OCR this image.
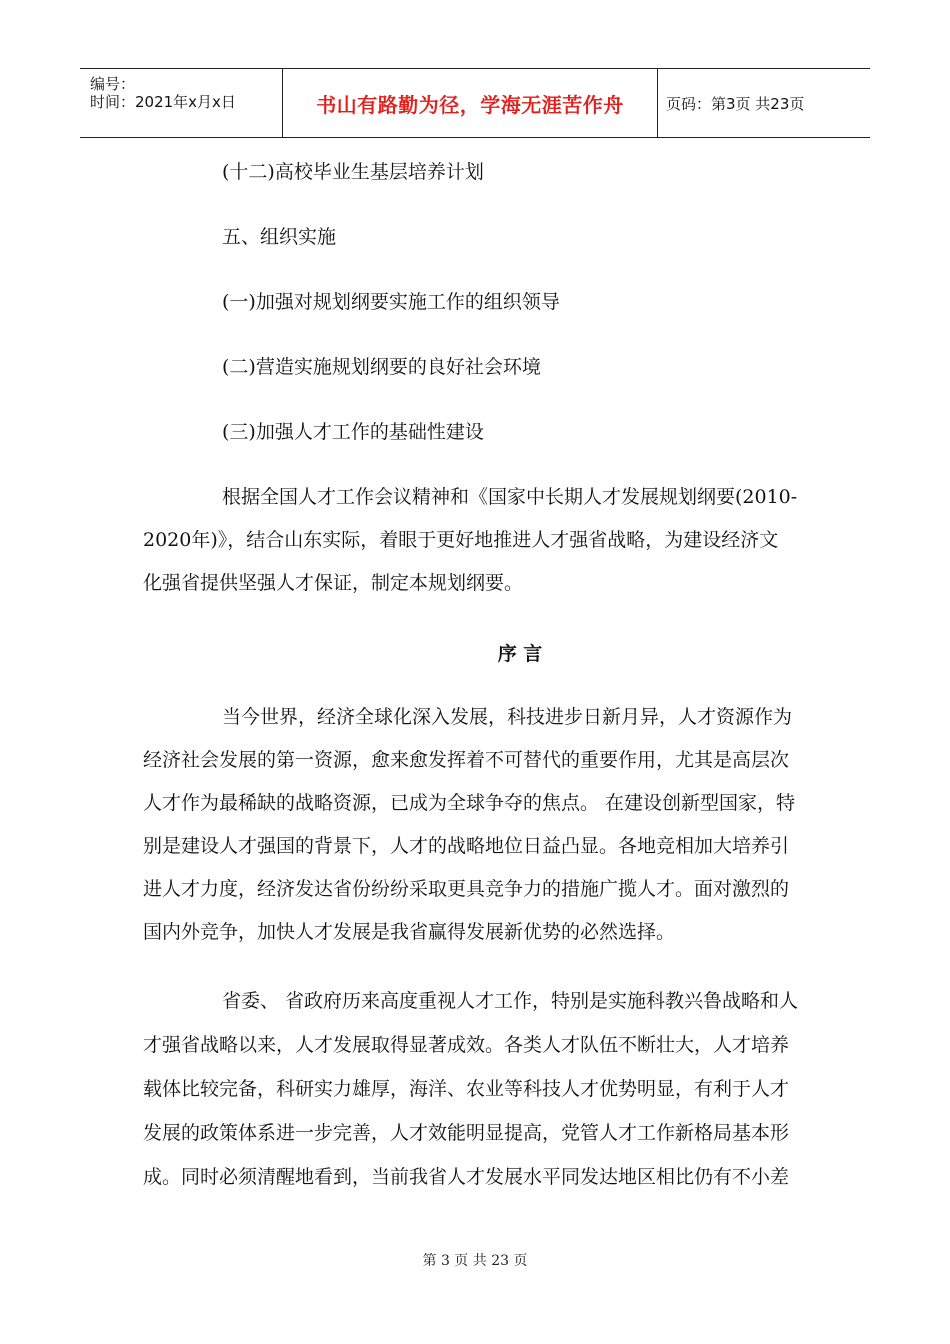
编号：
时间：2021年x月x日	书山有路勤为径，学海无涯苦作舟	页码：第3页 共23页
(十二)高校毕业生基层培养计划
五、组织实施
(一)加强对规划纲要实施工作的组织领导
(二)营造实施规划纲要的良好社会环境
(三)加强人才工作的基础性建设
根据全国人才工作会议精神和《国家中长期人才发展规划纲要(2010-
2020年)》，结合山东实际，着眼于更好地推进人才强省战略，为建设经济文
化强省提供坚强人才保证，制定本规划纲要。
序 言
当今世界，经济全球化深入发展，科技进步日新月异，人才资源作为
经济社会发展的第一资源，愈来愈发挥着不可替代的重要作用，尤其是高层次
人才作为最稀缺的战略资源，已成为全球争夺的焦点。 在建设创新型国家，特
别是建设人才强国的背景下，人才的战略地位日益凸显。各地竞相加大培养引
进人才力度，经济发达省份纷纷采取更具竞争力的措施广揽人才。面对激烈的
国内外竞争，加快人才发展是我省赢得发展新优势的必然选择。
省委、 省政府历来高度重视人才工作，特别是实施科教兴鲁战略和人
才强省战略以来，人才发展取得显著成效。各类人才队伍不断壮大，人才培养
载体比较完备，科研实力雄厚，海洋、农业等科技人才优势明显，有利于人才
发展的政策体系进一步完善，人才效能明显提高，党管人才工作新格局基本形
成。同时必须清醒地看到，当前我省人才发展水平同发达地区相比仍有不小差
第 3 页 共 23 页
